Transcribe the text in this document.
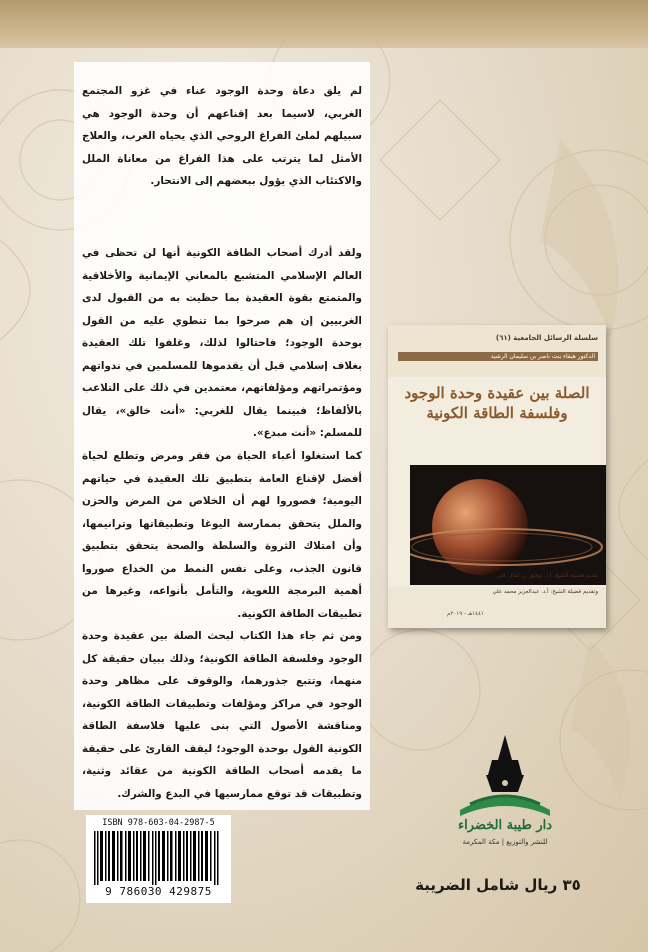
لم يلق دعاة وحدة الوجود عناء في غزو المجتمع الغربي، لاسيما بعد إقناعهم أن وحدة الوجود هي سبيلهم لملئ الفراغ الروحي الذي يحياه الغرب، والعلاج الأمثل لما يترتب على هذا الفراغ من معاناة الملل والاكتئاب الذي يؤول ببعضهم إلى الانتحار.

ولقد أدرك أصحاب الطاقة الكونية أنها لن تحظى في العالم الإسلامي المتشبع بالمعاني الإيمانية والأخلاقية والمتمتع بقوة العقيدة بما حظيت به من القبول لدى الغربيين إن هم صرحوا بما تنطوي عليه من القول بوحدة الوجود؛ فاحتالوا لذلك، وغلفوا تلك العقيدة بغلاف إسلامي قبل أن يقدموها للمسلمين في ندواتهم ومؤتمراتهم ومؤلفاتهم، معتمدين في ذلك على التلاعب بالألفاظ؛ فبينما يقال للغربي: «أنت خالق»، يقال للمسلم: «أنت مبدع».

كما استغلوا أعباء الحياة من فقر ومرض وتطلع لحياة أفضل لإقناع العامة بتطبيق تلك العقيدة في حياتهم اليومية؛ فصوروا لهم أن الخلاص من المرض والحزن والملل يتحقق بممارسة اليوغا وتطبيقاتها وترانيمها، وأن امتلاك الثروة والسلطة والصحة يتحقق بتطبيق قانون الجذب، وعلى نفس النمط من الخداع صوروا أهمية البرمجة اللغوية، والتأمل بأنواعه، وغيرها من تطبيقات الطاقة الكونية.

ومن ثم جاء هذا الكتاب لبحث الصلة بين عقيدة وحدة الوجود وفلسفة الطاقة الكونية؛ وذلك ببيان حقيقة كل منهما، وتتبع جذورهما، والوقوف على مظاهر وحدة الوجود في مراكز ومؤلفات وتطبيقات الطاقة الكونية، ومناقشة الأصول التي بنى عليها فلاسفة الطاقة الكونية القول بوحدة الوجود؛ ليقف القارئ على حقيقة ما يقدمه أصحاب الطاقة الكونية من عقائد وثنية، وتطبيقات قد توقع ممارسيها في البدع والشرك.

سلسلة الرسائل الجامعية (٦١)
الدكتور هيفاء بنت ناصر بن سليمان الرشيد
الصلة بين عقيدة وحدة الوجود وفلسفة الطاقة الكونية
تقديم فضيلة الشيخ: أ.د. توفيق بن كمال علي
وتقديم فضيلة الشيخ: أ.د. عبدالعزيز محمد علي
١٤٤١هـ - ٢٠١٩م
دار طيبة الخضراء
للنشر والتوزيع | مكة المكرمة
ISBN 978-603-04-2987-5
9 786030 429875	٣٥ ريال شامل الضريبة
